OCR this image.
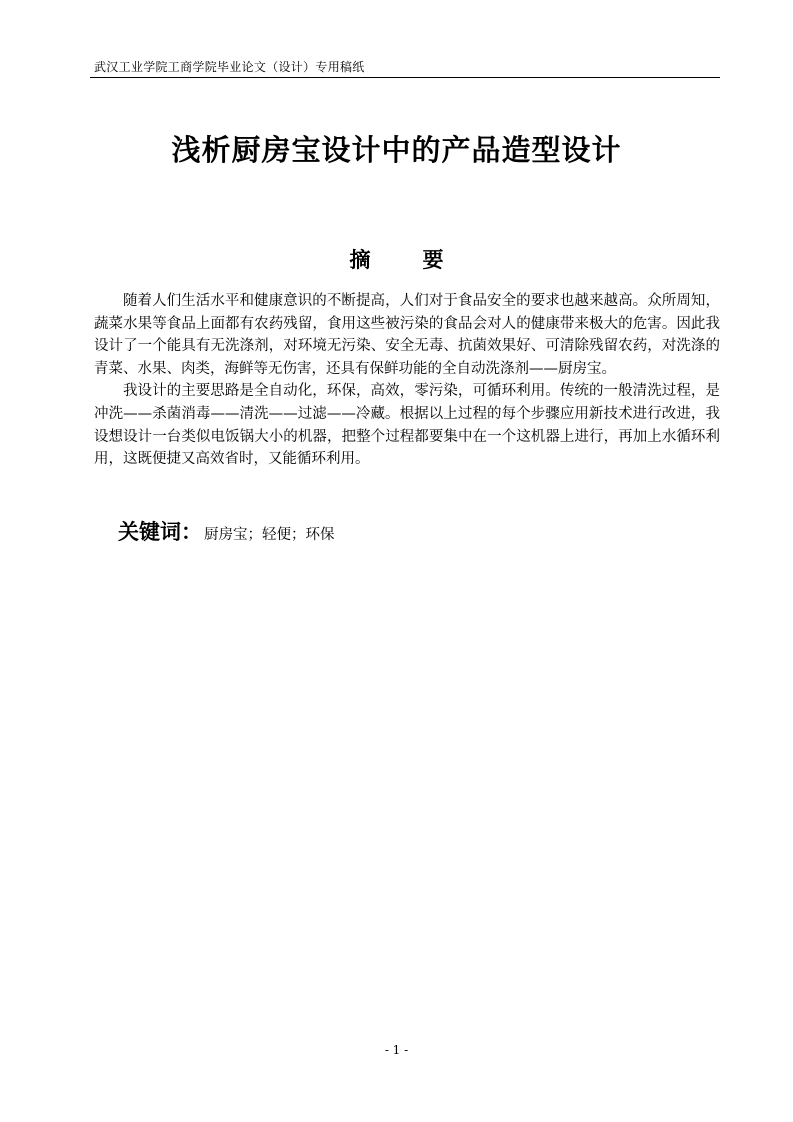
武汉工业学院工商学院毕业论文（设计）专用稿纸
浅析厨房宝设计中的产品造型设计
摘 要

随着人们生活水平和健康意识的不断提高，人们对于食品安全的要求也越来越高。众所周知，蔬菜水果等食品上面都有农药残留，食用这些被污染的食品会对人的健康带来极大的危害。因此我设计了一个能具有无洗涤剂，对环境无污染、安全无毒、抗菌效果好、可清除残留农药，对洗涤的青菜、水果、肉类，海鲜等无伤害，还具有保鲜功能的全自动洗涤剂——厨房宝。

我设计的主要思路是全自动化，环保，高效，零污染，可循环利用。传统的一般清洗过程，是冲洗——杀菌消毒——清洗——过滤——冷藏。根据以上过程的每个步骤应用新技术进行改进，我设想设计一台类似电饭锅大小的机器，把整个过程都要集中在一个这机器上进行，再加上水循环利用，这既便捷又高效省时，又能循环利用。

关键词： 厨房宝；轻便；环保
- 1 -
